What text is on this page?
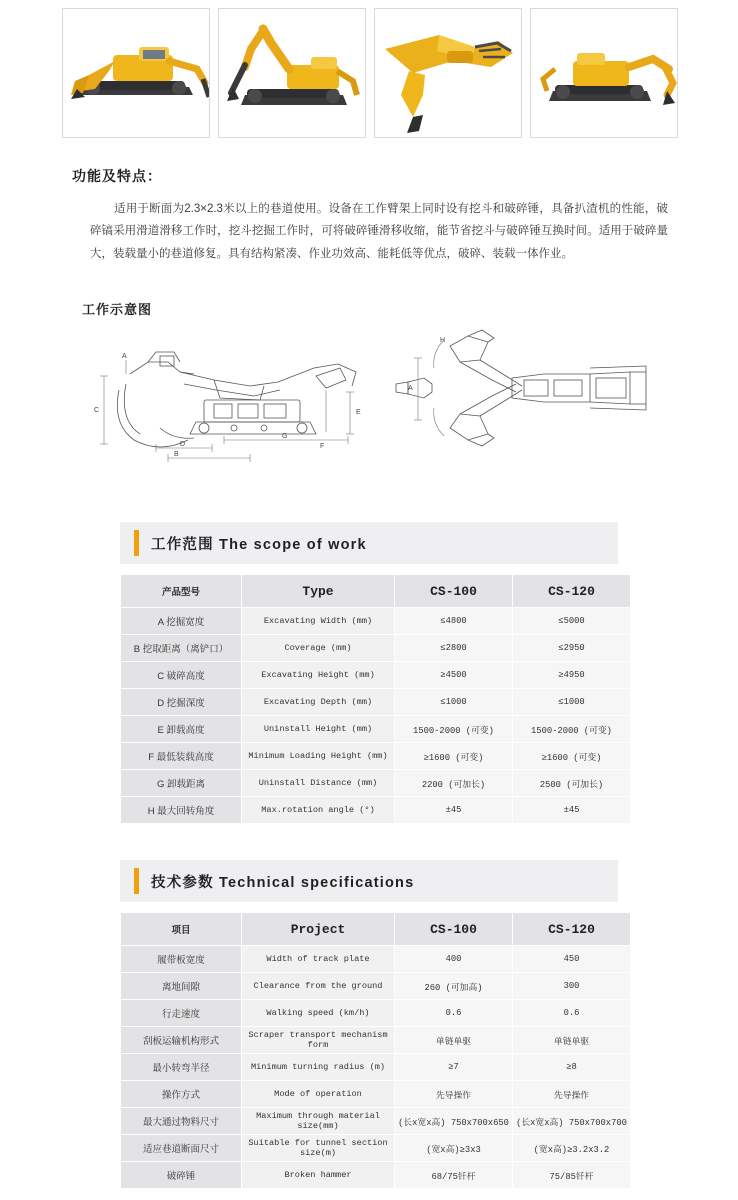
功能及特点：
适用于断面为2.3×2.3米以上的巷道使用。设备在工作臂架上同时设有挖斗和破碎锤，具备扒渣机的性能，破碎镐采用滑道滑移工作时，挖斗挖掘工作时，可将破碎锤滑移收缩，能节省挖斗与破碎锤互换时间。适用于破碎量大，装载量小的巷道修复。具有结构紧凑、作业功效高、能耗低等优点，破碎、装载一体作业。
工作示意图
C
A
D
B
E
F
G
A
H
工作范围 The scope of work
产品型号	Type	CS-100	CS-120
A 挖掘宽度	Excavating Width (mm)	≤4800	≤5000
B 挖取距离（离铲口）	Coverage (mm)	≤2800	≤2950
C 破碎高度	Excavating Height (mm)	≥4500	≥4950
D 挖掘深度	Excavating Depth (mm)	≤1000	≤1000
E 卸载高度	Uninstall Height (mm)	1500-2000 (可变)	1500-2000 (可变)
F 最低装载高度	Minimum Loading Height (mm)	≥1600 (可变)	≥1600 (可变)
G 卸载距离	Uninstall Distance (mm)	2200 (可加长)	2500 (可加长)
H 最大回转角度	Max.rotation angle (°)	±45	±45
技术参数 Technical specifications
项目	Project	CS-100	CS-120
履带板宽度	Width of track plate	400	450
离地间隙	Clearance from the ground	260 (可加高)	300
行走速度	Walking speed (km/h)	0.6	0.6
刮板运输机构形式	Scraper transport mechanism form	单链单驱	单链单驱
最小转弯半径	Minimum turning radius (m)	≥7	≥8
操作方式	Mode of operation	先导操作	先导操作
最大通过物料尺寸	Maximum through material size(mm)	(长x宽x高) 750x700x650	(长x宽x高) 750x700x700
适应巷道断面尺寸	Suitable for tunnel section size(m)	(宽x高)≥3x3	(宽x高)≥3.2x3.2
破碎锤	Broken hammer	68/75钎杆	75/85钎杆
